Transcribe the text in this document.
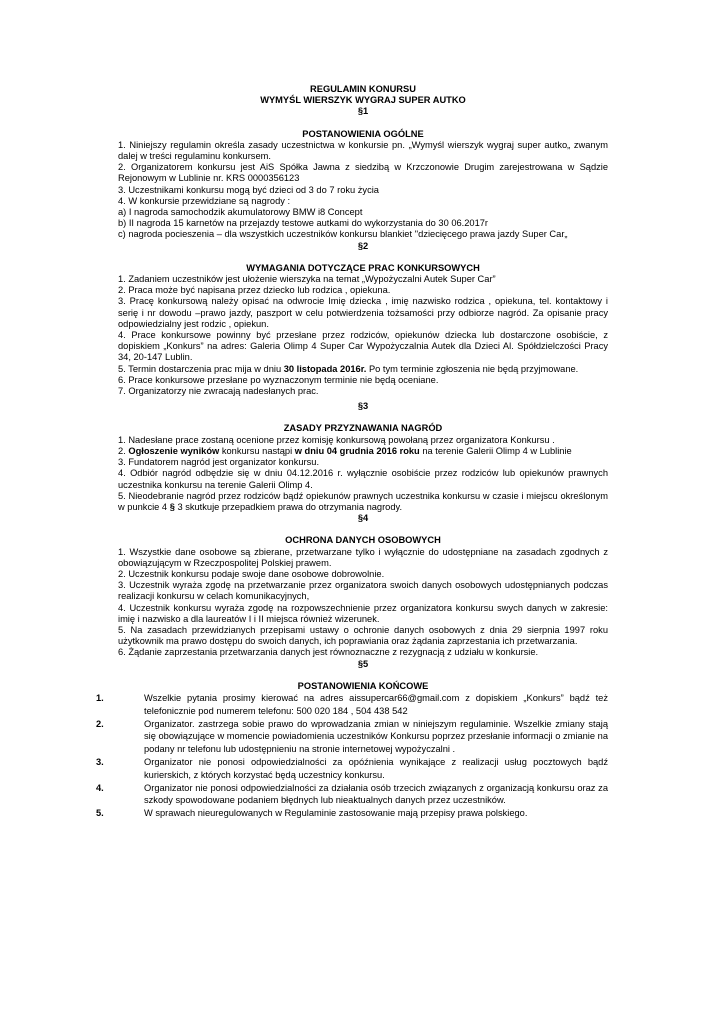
REGULAMIN KONURSU
WYMYŚL WIERSZYK WYGRAJ SUPER AUTKO
§1
POSTANOWIENIA OGÓLNE
1. Niniejszy regulamin określa zasady uczestnictwa w konkursie pn. „Wymyśl wierszyk wygraj super autko„ zwanym dalej w treści regulaminu konkursem.
2. Organizatorem konkursu jest AiS Spółka Jawna z siedzibą w Krzczonowie Drugim zarejestrowana w Sądzie Rejonowym w Lublinie nr. KRS 0000356123
3. Uczestnikami konkursu mogą być dzieci od 3 do 7 roku życia
4. W konkursie przewidziane są nagrody :
a) I nagroda samochodzik akumulatorowy BMW i8 Concept
b) II nagroda 15 karnetów na przejazdy testowe autkami do wykorzystania do 30 06.2017r
c) nagroda pocieszenia – dla wszystkich uczestników konkursu blankiet ''dziecięcego prawa jazdy Super Car„
§2
WYMAGANIA DOTYCZĄCE PRAC KONKURSOWYCH
1. Zadaniem uczestników jest ułożenie wierszyka na temat „Wypożyczalni Autek Super Car”
2. Praca może być napisana przez dziecko lub rodzica , opiekuna.
3. Pracę konkursową należy opisać na odwrocie Imię dziecka , imię nazwisko rodzica , opiekuna, tel. kontaktowy i serię i nr dowodu –prawo jazdy, paszport w celu potwierdzenia tożsamości przy odbiorze nagród. Za opisanie pracy odpowiedzialny jest rodzic , opiekun.
4. Prace konkursowe powinny być przesłane przez rodziców, opiekunów dziecka lub dostarczone osobiście, z dopiskiem „Konkurs” na adres: Galeria Olimp 4 Super Car Wypożyczalnia Autek dla Dzieci Al. Spółdzielczości Pracy 34, 20-147 Lublin.
5. Termin dostarczenia prac mija w dniu 30 listopada 2016r. Po tym terminie zgłoszenia nie będą przyjmowane.
6. Prace konkursowe przesłane po wyznaczonym terminie nie będą oceniane.
7. Organizatorzy nie zwracają nadesłanych prac.
§3
ZASADY PRZYZNAWANIA NAGRÓD
1. Nadesłane prace zostaną ocenione przez komisję konkursową powołaną przez organizatora Konkursu .
2. Ogłoszenie wyników konkursu nastąpi w dniu 04 grudnia 2016 roku na terenie Galerii Olimp 4 w Lublinie
3. Fundatorem nagród jest organizator konkursu.
4. Odbiór nagród odbędzie się w dniu 04.12.2016 r. wyłącznie osobiście przez rodziców lub opiekunów prawnych uczestnika konkursu na terenie Galerii Olimp 4.
5. Nieodebranie nagród przez rodziców bądź opiekunów prawnych uczestnika konkursu w czasie i miejscu określonym w punkcie 4 § 3 skutkuje przepadkiem prawa do otrzymania nagrody.
§4
OCHRONA DANYCH OSOBOWYCH
1. Wszystkie dane osobowe są zbierane, przetwarzane tylko i wyłącznie do udostępniane na zasadach zgodnych z obowiązującym w Rzeczpospolitej Polskiej prawem.
2. Uczestnik konkursu podaje swoje dane osobowe dobrowolnie.
3. Uczestnik wyraża zgodę na przetwarzanie przez organizatora swoich danych osobowych udostępnianych podczas realizacji konkursu w celach komunikacyjnych,
4. Uczestnik konkursu wyraża zgodę na rozpowszechnienie przez organizatora konkursu swych danych w zakresie: imię i nazwisko a dla laureatów I i II miejsca również wizerunek.
5. Na zasadach przewidzianych przepisami ustawy o ochronie danych osobowych z dnia 29 sierpnia 1997 roku użytkownik ma prawo dostępu do swoich danych, ich poprawiania oraz żądania zaprzestania ich przetwarzania.
6. Żądanie zaprzestania przetwarzania danych jest równoznaczne z rezygnacją z udziału w konkursie.
§5
POSTANOWIENIA KOŃCOWE
1.	Wszelkie pytania prosimy kierować na adres aissupercar66@gmail.com z dopiskiem „Konkurs” bądź też telefonicznie pod numerem telefonu: 500 020 184 , 504 438 542
2.	Organizator. zastrzega sobie prawo do wprowadzania zmian w niniejszym regulaminie. Wszelkie zmiany stają się obowiązujące w momencie powiadomienia uczestników Konkursu poprzez przesłanie informacji o zmianie na podany nr telefonu lub udostępnieniu na stronie internetowej wypożyczalni .
3.	Organizator nie ponosi odpowiedzialności za opóźnienia wynikające z realizacji usług pocztowych bądź kurierskich, z których korzystać będą uczestnicy konkursu.
4.	Organizator nie ponosi odpowiedzialności za działania osób trzecich związanych z organizacją konkursu oraz za szkody spowodowane podaniem błędnych lub nieaktualnych danych przez uczestników.
5.	W sprawach nieuregulowanych w Regulaminie zastosowanie mają przepisy prawa polskiego.
